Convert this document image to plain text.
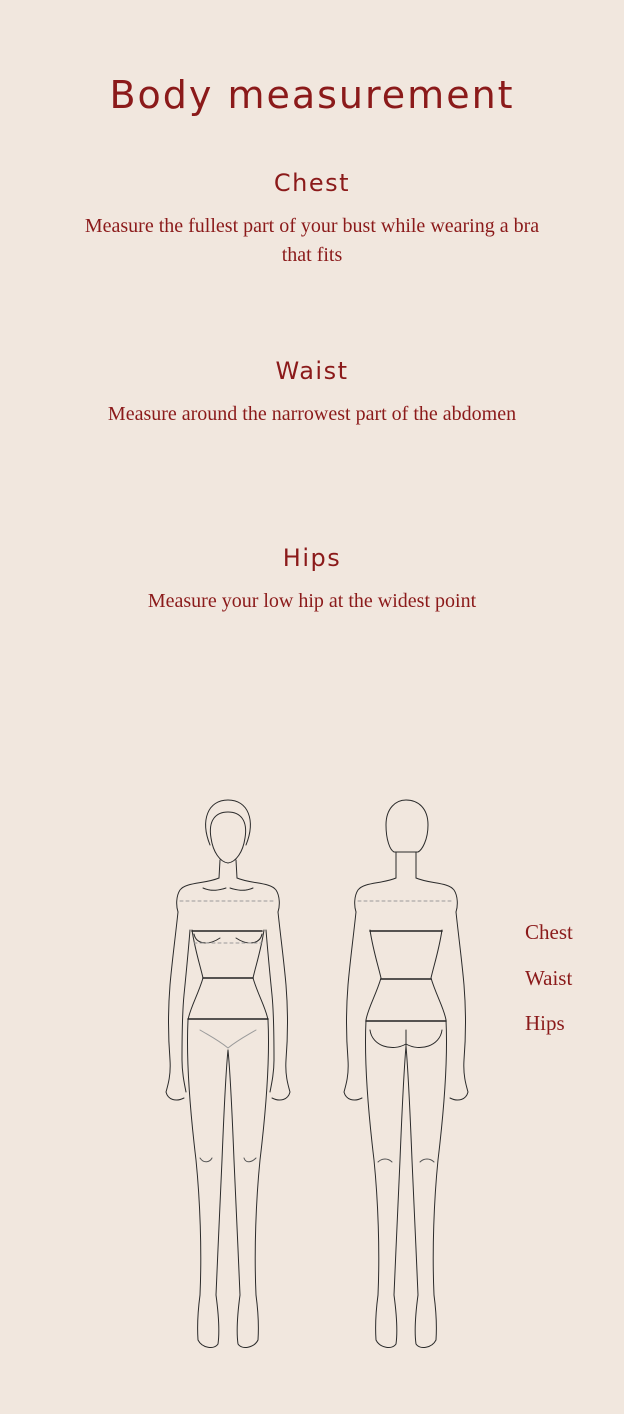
Body measurement
Chest
Measure the fullest part of your bust while wearing a bra that fits
Waist
Measure around the narrowest part of the abdomen
Hips
Measure your low hip at the widest point
Chest
Waist
Hips
